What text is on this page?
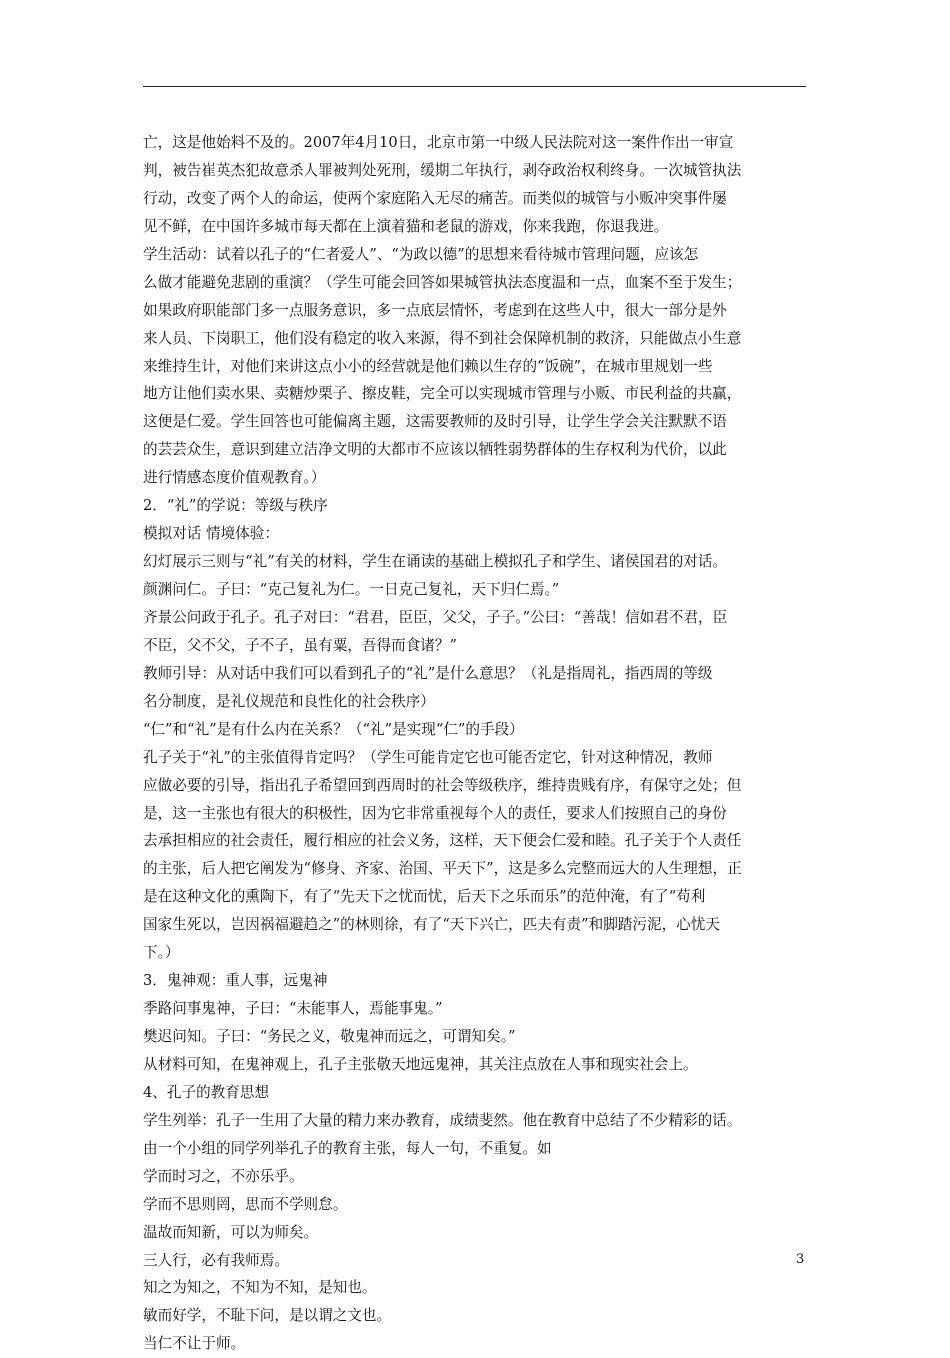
亡，这是他始料不及的。2007年4月10日，北京市第一中级人民法院对这一案件作出一审宣
判，被告崔英杰犯故意杀人罪被判处死刑，缓期二年执行，剥夺政治权利终身。一次城管执法
行动，改变了两个人的命运，使两个家庭陷入无尽的痛苦。而类似的城管与小贩冲突事件屡
见不鲜，在中国许多城市每天都在上演着猫和老鼠的游戏，你来我跑，你退我进。
学生活动：试着以孔子的“仁者爱人”、“为政以德”的思想来看待城市管理问题，应该怎
么做才能避免悲剧的重演？（学生可能会回答如果城管执法态度温和一点，血案不至于发生；
如果政府职能部门多一点服务意识，多一点底层情怀，考虑到在这些人中，很大一部分是外
来人员、下岗职工，他们没有稳定的收入来源，得不到社会保障机制的救济，只能做点小生意
来维持生计，对他们来讲这点小小的经营就是他们赖以生存的“饭碗”，在城市里规划一些
地方让他们卖水果、卖糖炒栗子、擦皮鞋，完全可以实现城市管理与小贩、市民利益的共赢，
这便是仁爱。学生回答也可能偏离主题，这需要教师的及时引导，让学生学会关注默默不语
的芸芸众生，意识到建立洁净文明的大都市不应该以牺牲弱势群体的生存权利为代价，以此
进行情感态度价值观教育。）
2．“礼”的学说：等级与秩序
模拟对话 情境体验：
幻灯展示三则与“礼”有关的材料，学生在诵读的基础上模拟孔子和学生、诸侯国君的对话。
颜渊问仁。子曰：“克己复礼为仁。一日克己复礼，天下归仁焉。”
齐景公问政于孔子。孔子对曰：“君君，臣臣，父父，子子。”公曰：“善哉！信如君不君，臣
不臣，父不父，子不子，虽有粟，吾得而食诸？”
教师引导：从对话中我们可以看到孔子的“礼”是什么意思？（礼是指周礼，指西周的等级
名分制度，是礼仪规范和良性化的社会秩序）
“仁”和“礼”是有什么内在关系？（“礼”是实现“仁”的手段）
孔子关于“礼”的主张值得肯定吗？（学生可能肯定它也可能否定它，针对这种情况，教师
应做必要的引导，指出孔子希望回到西周时的社会等级秩序，维持贵贱有序，有保守之处；但
是，这一主张也有很大的积极性，因为它非常重视每个人的责任，要求人们按照自己的身份
去承担相应的社会责任，履行相应的社会义务，这样，天下便会仁爱和睦。孔子关于个人责任
的主张，后人把它阐发为“修身、齐家、治国、平天下”，这是多么完整而远大的人生理想，正
是在这种文化的熏陶下，有了“先天下之忧而忧，后天下之乐而乐”的范仲淹，有了“苟利
国家生死以，岂因祸福避趋之”的林则徐，有了“天下兴亡，匹夫有责”和脚踏污泥，心忧天
下。）
3．鬼神观：重人事，远鬼神
季路问事鬼神，子曰：“未能事人，焉能事鬼。”
樊迟问知。子曰：“务民之义，敬鬼神而远之，可谓知矣。”
从材料可知，在鬼神观上，孔子主张敬天地远鬼神，其关注点放在人事和现实社会上。
4、孔子的教育思想
学生列举：孔子一生用了大量的精力来办教育，成绩斐然。他在教育中总结了不少精彩的话。
由一个小组的同学列举孔子的教育主张，每人一句，不重复。如
学而时习之，不亦乐乎。
学而不思则罔，思而不学则怠。
温故而知新，可以为师矣。
三人行，必有我师焉。
知之为知之，不知为不知，是知也。
敏而好学，不耻下问，是以谓之文也。
当仁不让于师。
3
